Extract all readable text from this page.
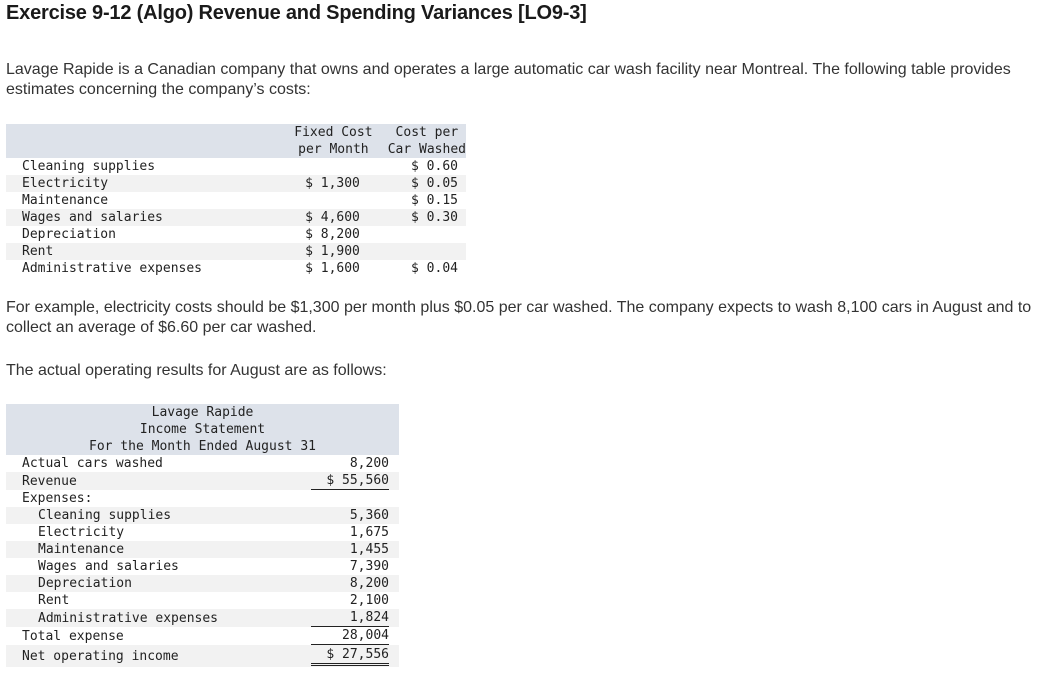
Exercise 9-12 (Algo) Revenue and Spending Variances [LO9-3]

Lavage Rapide is a Canadian company that owns and operates a large automatic car wash facility near Montreal. The following table provides estimates concerning the company’s costs:

	Fixed Cost	Cost per
	per Month	Car Washed
Cleaning supplies		$ 0.60
Electricity	$ 1,300	$ 0.05
Maintenance		$ 0.15
Wages and salaries	$ 4,600	$ 0.30
Depreciation	$ 8,200	
Rent	$ 1,900	
Administrative expenses	$ 1,600	$ 0.04

For example, electricity costs should be $1,300 per month plus $0.05 per car washed. The company expects to wash 8,100 cars in August and to collect an average of $6.60 per car washed.

The actual operating results for August are as follows:

Lavage Rapide	
Income Statement	
For the Month Ended August 31	
Actual cars washed	8,200
Revenue	$ 55,560
Expenses:	
Cleaning supplies	5,360
Electricity	1,675
Maintenance	1,455
Wages and salaries	7,390
Depreciation	8,200
Rent	2,100
Administrative expenses	1,824
Total expense	28,004
Net operating income	$ 27,556
